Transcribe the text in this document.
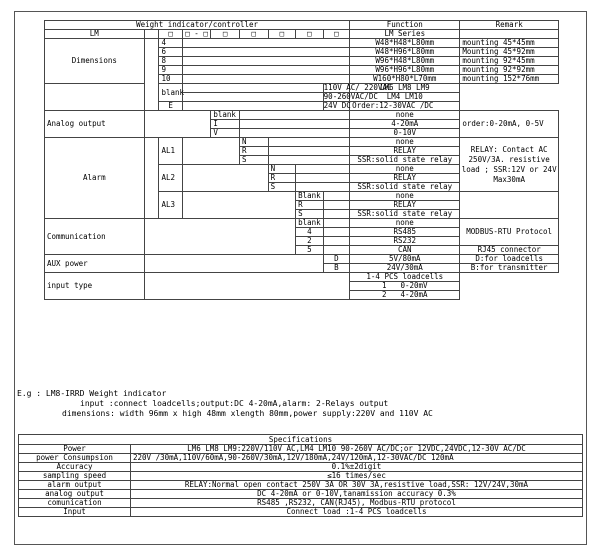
Weight indicator/controller									Function	Remark
LM		□	□ - □	□	□	□	□	□	LM Series	
Dimensions		4							W48*H48*L80mm	mounting 45*45mm
		6							W48*H96*L80mm	Mounting 45*92mm
		8							W96*H48*L80mm	mounting 92*45mm
		9							W96*H96*L80mm	mounting 92*92mm
		10							W160*H80*L70mm	mounting 152*76mm
		blank						110V AC/ 220VAC	LM6 LM8 LM9	
								90-260VAC/DC	LM4 LM10	
		E						24V DC	Order:12-30VAC /DC	
Analog output				blank					none	order:0-20mA, 0-5V
				I					4-20mA	
				V					0-10V	
Alarm		AL1			N				none	RELAY: Contact AC 250V/3A. resistive load ; SSR:12V or 24V Max30mA
					R				RELAY	
					S				SSR:solid state relay	
		AL2				N			none	
						R			RELAY	
						S			SSR:solid state relay	
		AL3					Blank		none	
							R		RELAY	
							S		SSR:solid state relay	
Communication							blank		none	MODBUS-RTU Protocol
							4		RS485	
							2		RS232	
							5		CAN	RJ45 connector
AUX power								D	5V/80mA	D:for loadcells
								B	24V/30mA	B:for transmitter
input type									1-4 PCS loadcells	
									1 0-20mV	
									2 4-20mA	
E.g : LM8-IRRD Weight indicator
input :connect loadcells;output:DC 4-20mA,alarm: 2-Relays output
dimensions: width 96mm x high 48mm xlength 80mm,power supply:220V and 110V AC
Specifications	
Power	LM6 LM8 LM9:220V/110V AC,LM4 LM10 90-260V AC/DC;or 12VDC,24VDC,12-30V AC/DC
power Consumpsion	220V /30mA,110V/60mA,90-260V/30mA,12V/180mA,24V/120mA,12-30VAC/DC 120mA
Accuracy	0.1%±2digit
sampling speed	≤16 times/sec
alarm output	RELAY:Normal open contact 250V 3A OR 30V 3A,resistive load,SSR: 12V/24V,30mA
analog output	DC 4-20mA or 0-10V,tanamission accuracy 0.3%
comunication	RS485 ,RS232, CAN(RJ45), Modbus-RTU protocol
Input	Connect load :1-4 PCS loadcells
